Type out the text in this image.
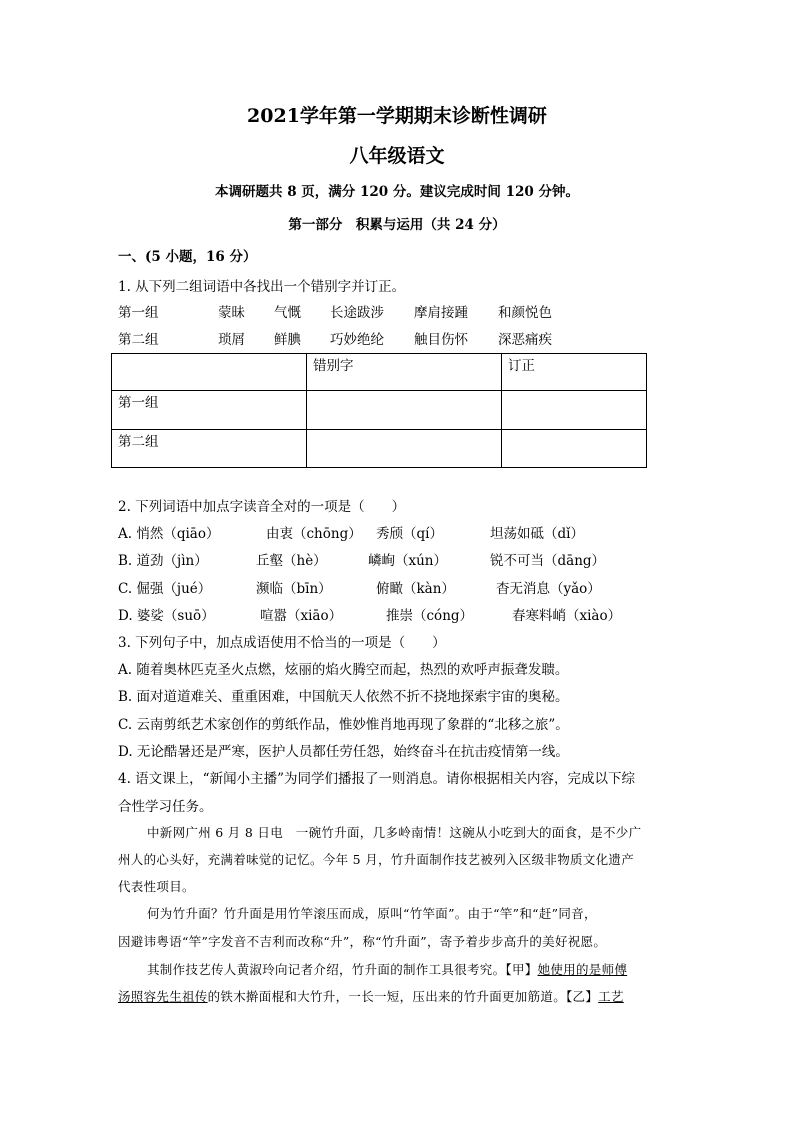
2021学年第一学期期末诊断性调研
八年级语文
本调研题共 8 页，满分 120 分。建议完成时间 120 分钟。
第一部分　积累与运用（共 24 分）
一、(5 小题，16 分）
1. 从下列二组词语中各找出一个错别字并订正。
第一组	蒙昧 气慨 长途跋涉 摩肩接踵 和颜悦色
第二组	琐屑 鲜腆 巧妙绝纶 触目伤怀 深恶痛疾
	错别字	订正
第一组		
第二组		
2. 下列词语中加点字读音全对的一项是（　　）
A. 悄然（qiāo）	由衷（chōng） 秀颀（qí）	坦荡如砥（dǐ）
B. 道劲（jìn）	丘壑（hè）	嶙峋（xún）	锐不可当（dāng）
C. 倔强（jué）	濒临（bīn）	俯瞰（kàn）	杳无消息（yǎo）
D. 婆娑（suō）	喧嚣（xiāo）	推崇（cóng）	春寒料峭（xiào）
3. 下列句子中，加点成语使用不恰当的一项是（　　）
A. 随着奥林匹克圣火点燃，炫丽的焰火腾空而起，热烈的欢呼声振聋发聩。
B. 面对道道难关、重重困难，中国航天人依然不折不挠地探索宇宙的奥秘。
C. 云南剪纸艺术家创作的剪纸作品，惟妙惟肖地再现了象群的“北移之旅”。
D. 无论酷暑还是严寒，医护人员都任劳任怨，始终奋斗在抗击疫情第一线。
4. 语文课上，“新闻小主播”为同学们播报了一则消息。请你根据相关内容，完成以下综
合性学习任务。
中新网广州 6 月 8 日电　一碗竹升面，几多岭南情！这碗从小吃到大的面食，是不少广
州人的心头好，充满着味觉的记忆。今年 5 月，竹升面制作技艺被列入区级非物质文化遗产
代表性项目。
何为竹升面？竹升面是用竹竿滚压而成，原叫“竹竿面”。由于“竿”和“赶”同音，
因避讳粤语“竿”字发音不吉利而改称“升”，称“竹升面”，寄予着步步高升的美好祝愿。
其制作技艺传人黄淑玲向记者介绍，竹升面的制作工具很考究。【甲】她使用的是师傅
汤照容先生祖传的铁木擀面棍和大竹升，一长一短，压出来的竹升面更加筋道。【乙】工艺
